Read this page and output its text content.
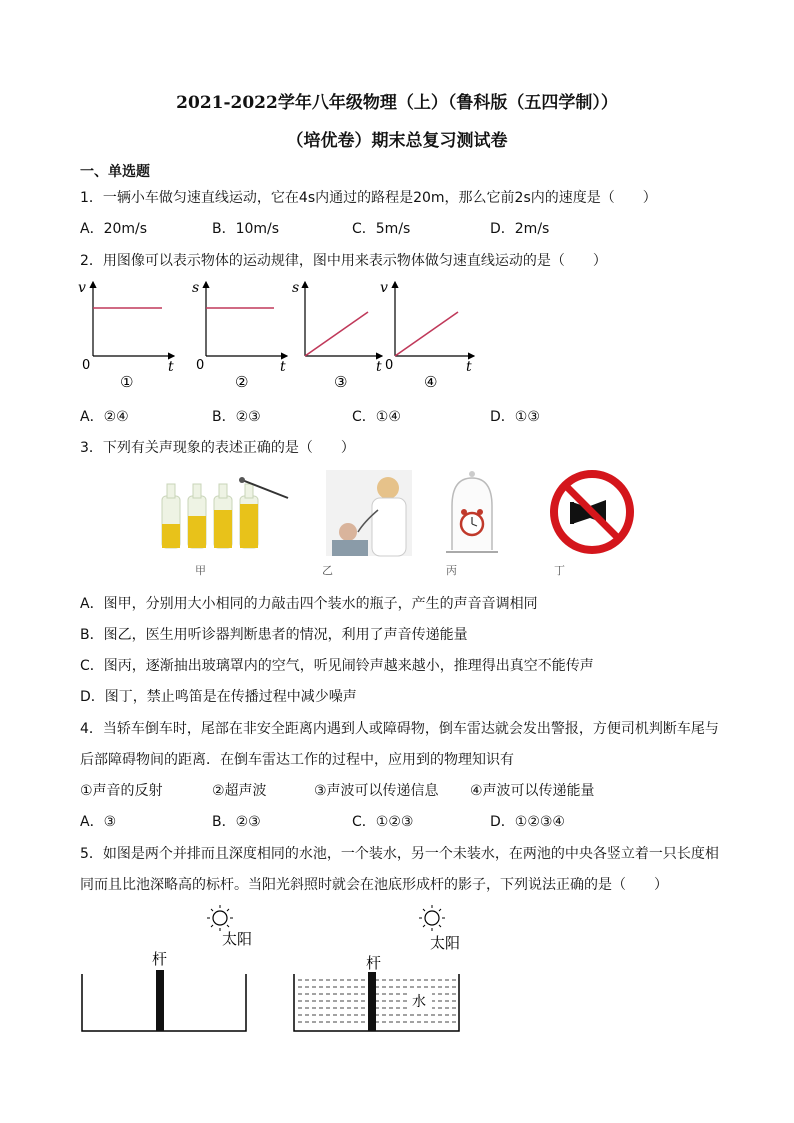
2021-2022学年八年级物理（上）（鲁科版（五四学制））
（培优卷）期末总复习测试卷
一、单选题
1．一辆小车做匀速直线运动，它在4s内通过的路程是20m，那么它前2s内的速度是（　　）
A．20m/s	B．10m/s	C．5m/s	D．2m/s
2．用图像可以表示物体的运动规律，图中用来表示物体做匀速直线运动的是（　　）
v
t
0
①
s
t
0
②
s
t
③
v
t
0
④
A．②④	B．②③	C．①④	D．①③
3．下列有关声现象的表述正确的是（　　）
甲	乙	丙	丁
A．图甲，分别用大小相同的力敲击四个装水的瓶子，产生的声音音调相同
B．图乙，医生用听诊器判断患者的情况，利用了声音传递能量
C．图丙，逐渐抽出玻璃罩内的空气，听见闹铃声越来越小，推理得出真空不能传声
D．图丁，禁止鸣笛是在传播过程中减少噪声
4．当轿车倒车时，尾部在非安全距离内遇到人或障碍物，倒车雷达就会发出警报，方便司机判断车尾与
后部障碍物间的距离．在倒车雷达工作的过程中，应用到的物理知识有
①声音的反射	②超声波	③声波可以传递信息 ④声波可以传递能量
A．③	B．②③	C．①②③	D．①②③④
5．如图是两个并排而且深度相同的水池，一个装水，另一个未装水，在两池的中央各竖立着一只长度相
同而且比池深略高的标杆。当阳光斜照时就会在池底形成杆的影子，下列说法正确的是（　　）
太阳
杆
太阳
杆
水
